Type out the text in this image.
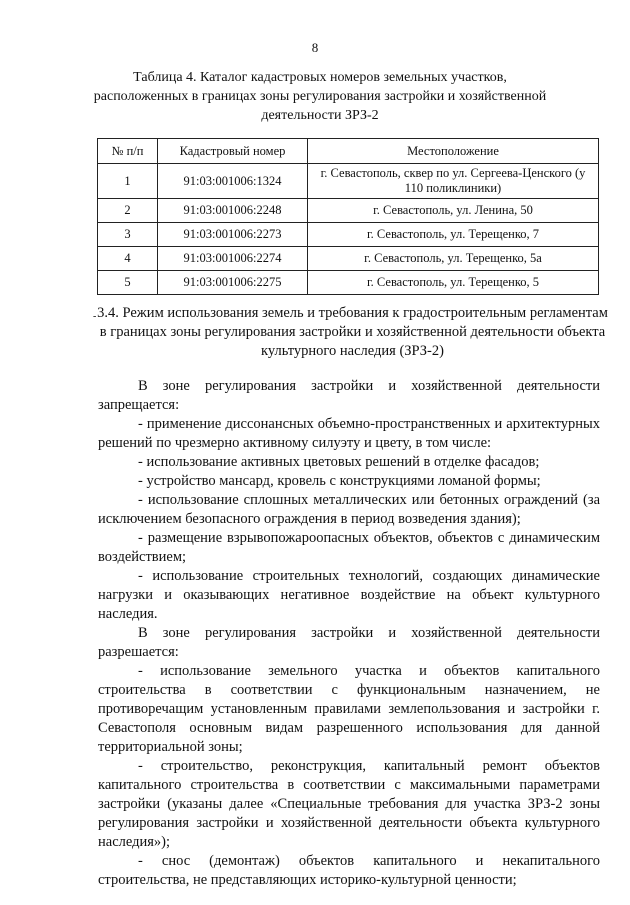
8
Таблица 4. Каталог кадастровых номеров земельных участков, расположенных в границах зоны регулирования застройки и хозяйственной деятельности ЗРЗ-2
№ п/п	Кадастровый номер	Местоположение
1	91:03:001006:1324	г. Севастополь, сквер по ул. Сергеева-Ценского (у 110 поликлиники)
2	91:03:001006:2248	г. Севастополь, ул. Ленина, 50
3	91:03:001006:2273	г. Севастополь, ул. Терещенко, 7
4	91:03:001006:2274	г. Севастополь, ул. Терещенко, 5а
5	91:03:001006:2275	г. Севастополь, ул. Терещенко, 5
- 3.4. Режим использования земель и требования к градостроительным регламентам в границах зоны регулирования застройки и хозяйственной деятельности объекта культурного наследия (ЗРЗ-2)

В зоне регулирования застройки и хозяйственной деятельности запрещается:

- применение диссонансных объемно-пространственных и архитектурных решений по чрезмерно активному силуэту и цвету, в том числе:

- использование активных цветовых решений в отделке фасадов;

- устройство мансард, кровель с конструкциями ломаной формы;

- использование сплошных металлических или бетонных ограждений (за исключением безопасного ограждения в период возведения здания);

- размещение взрывопожароопасных объектов, объектов с динамическим воздействием;

- использование строительных технологий, создающих динамические нагрузки и оказывающих негативное воздействие на объект культурного наследия.

В зоне регулирования застройки и хозяйственной деятельности разрешается:

- использование земельного участка и объектов капитального строительства в соответствии с функциональным назначением, не противоречащим установленным правилами землепользования и застройки г. Севастополя основным видам разрешенного использования для данной территориальной зоны;

- строительство, реконструкция, капитальный ремонт объектов капитального строительства в соответствии с максимальными параметрами застройки (указаны далее «Специальные требования для участка ЗРЗ-2 зоны регулирования застройки и хозяйственной деятельности объекта культурного наследия»);

- снос (демонтаж) объектов капитального и некапитального строительства, не представляющих историко-культурной ценности;
